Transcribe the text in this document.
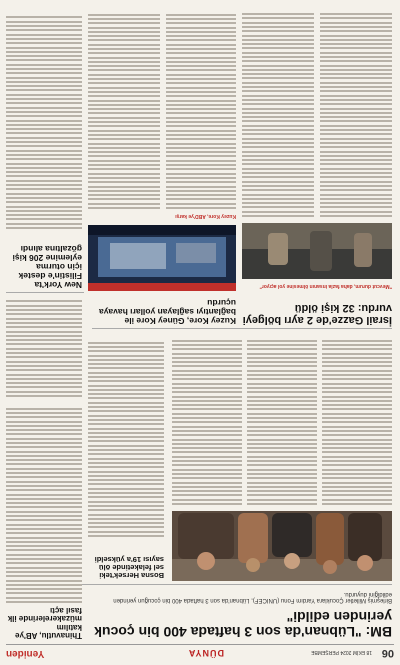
06
18 EKİM 2024 PERŞEMBE
DÜNYA
Yeniden
BM: "Lübnan'da son 3 haftada 400 bin çocuk yerinden edildi"
Birleşmiş Milletler Çocuklara Yardım Fonu (UNICEF), Lübnan'da son 3 haftada 400 bin çocuğun yerinden edildiğini duyurdu.
Thinavutlu, AB'ye katılım müzakerelerinde ilk fasıl açtı
Bosna Hersek'teki sel felaketinde ölü sayısı 19'a yükseldi
İsrail Gazze'de 2 ayrı bölgeyi vurdu: 32 kişi öldü
"Mevcut durum, daha fazla insanın ölmesine yol açıyor"
Kuzey Kore, Güney Kore ile bağlantıyı sağlayan yolları havaya uçurdu
Kuzey Kore, ABD'ye karşı
New York'ta Filistin'e destek için oturma eylemine 206 kişi gözaltına alındı
